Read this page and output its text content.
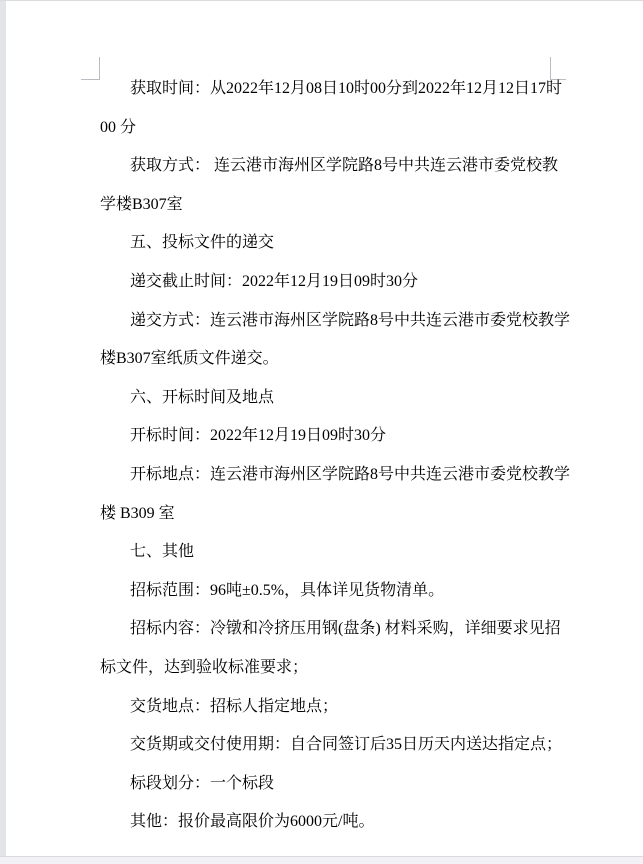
获取时间：从2022年12月08日10时00分到2022年12月12日17时
00 分
获取方式： 连云港市海州区学院路8号中共连云港市委党校教
学楼B307室
五、投标文件的递交
递交截止时间：2022年12月19日09时30分
递交方式：连云港市海州区学院路8号中共连云港市委党校教学
楼B307室纸质文件递交。
六、开标时间及地点
开标时间：2022年12月19日09时30分
开标地点：连云港市海州区学院路8号中共连云港市委党校教学
楼 B309 室
七、其他
招标范围：96吨±0.5%，具体详见货物清单。
招标内容：冷镦和冷挤压用钢(盘条) 材料采购，详细要求见招
标文件，达到验收标准要求；
交货地点：招标人指定地点；
交货期或交付使用期：自合同签订后35日历天内送达指定点；
标段划分：一个标段
其他：报价最高限价为6000元/吨。
